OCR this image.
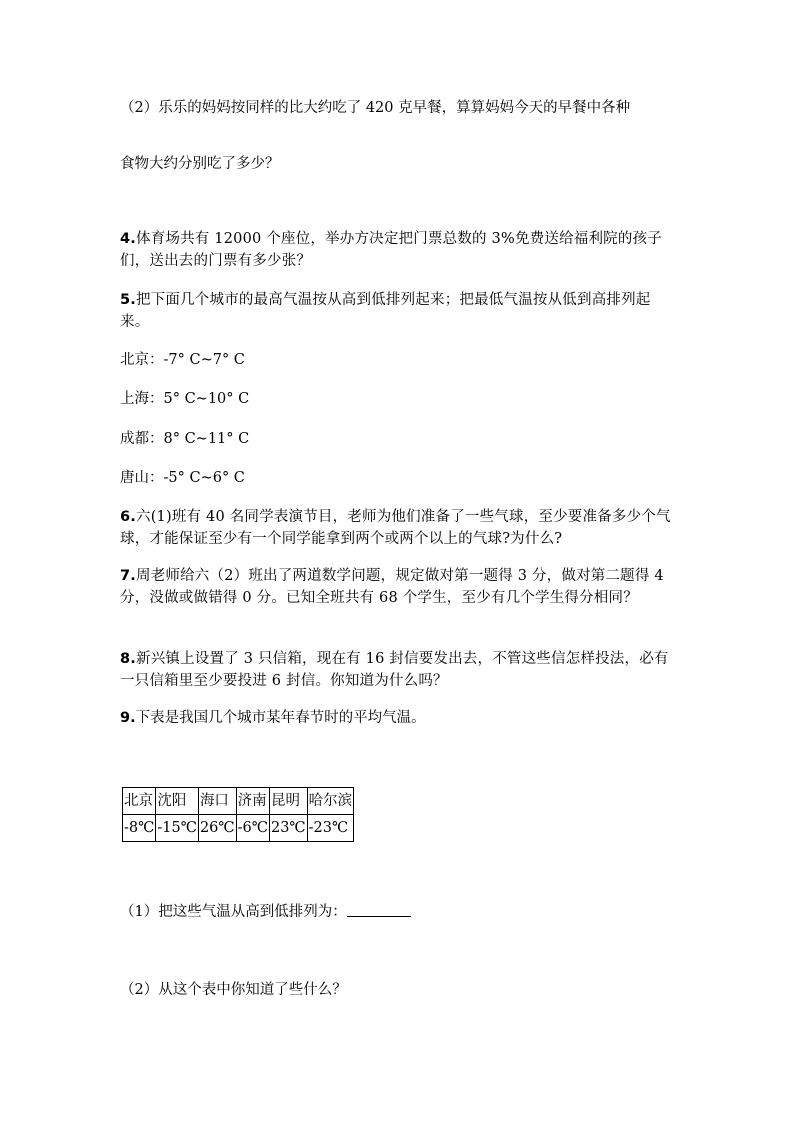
（2）乐乐的妈妈按同样的比大约吃了 420 克早餐，算算妈妈今天的早餐中各种
食物大约分别吃了多少？
4.体育场共有 12000 个座位，举办方决定把门票总数的 3%免费送给福利院的孩子们，送出去的门票有多少张？
5.把下面几个城市的最高气温按从高到低排列起来；把最低气温按从低到高排列起来。
北京：-7° C~7° C
上海：5° C~10° C
成都：8° C~11° C
唐山：-5° C~6° C
6.六(1)班有 40 名同学表演节目，老师为他们准备了一些气球，至少要准备多少个气球，才能保证至少有一个同学能拿到两个或两个以上的气球?为什么?
7.周老师给六（2）班出了两道数学问题，规定做对第一题得 3 分，做对第二题得 4 分，没做或做错得 0 分。已知全班共有 68 个学生，至少有几个学生得分相同？
8.新兴镇上设置了 3 只信箱，现在有 16 封信要发出去，不管这些信怎样投法，必有一只信箱里至少要投进 6 封信。你知道为什么吗？
9.下表是我国几个城市某年春节时的平均气温。
北京	沈阳	海口	济南	昆明	哈尔滨
-8℃	-15℃	26℃	-6℃	23℃	-23℃
（1）把这些气温从高到低排列为：
（2）从这个表中你知道了些什么？
